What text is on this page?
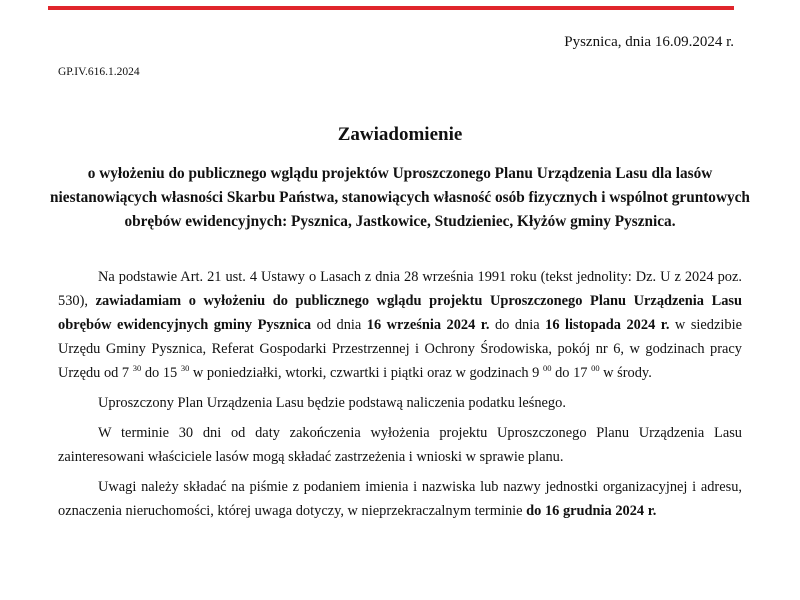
Pyszniса, dnia 16.09.2024 r.
GP.IV.616.1.2024
Zawiadomienie
o wyłożeniu do publicznego wglądu projektów Uproszczonego Planu Urządzenia Lasu dla lasów niestanowiących własności Skarbu Państwa, stanowiących własność osób fizycznych i wspólnot gruntowych obrębów ewidencyjnych: Pysznica, Jastkowice, Studzieniec, Kłyżów gminy Pysznica.

Na podstawie Art. 21 ust. 4 Ustawy o Lasach z dnia 28 września 1991 roku (tekst jednolity: Dz. U z 2024 poz. 530), zawiadamiam o wyłożeniu do publicznego wglądu projektu Uproszczonego Planu Urządzenia Lasu obrębów ewidencyjnych gminy Pysznica od dnia 16 września 2024 r. do dnia 16 listopada 2024 r. w siedzibie Urzędu Gminy Pysznica, Referat Gospodarki Przestrzennej i Ochrony Środowiska, pokój nr 6, w godzinach pracy Urzędu od 7 $^{30}$ do 15 $^{30}$ w poniedziałki, wtorki, czwartki i piątki oraz w godzinach 9 $^{00}$ do 17 $^{00}$ w środy.

Uproszczony Plan Urządzenia Lasu będzie podstawą naliczenia podatku leśnego.

W terminie 30 dni od daty zakończenia wyłożenia projektu Uproszczonego Planu Urządzenia Lasu zainteresowani właściciele lasów mogą składać zastrzeżenia i wnioski w sprawie planu.

Uwagi należy składać na piśmie z podaniem imienia i nazwiska lub nazwy jednostki organizacyjnej i adresu, oznaczenia nieruchomości, której uwaga dotyczy, w nieprzekraczalnym terminie do 16 grudnia 2024 r.
